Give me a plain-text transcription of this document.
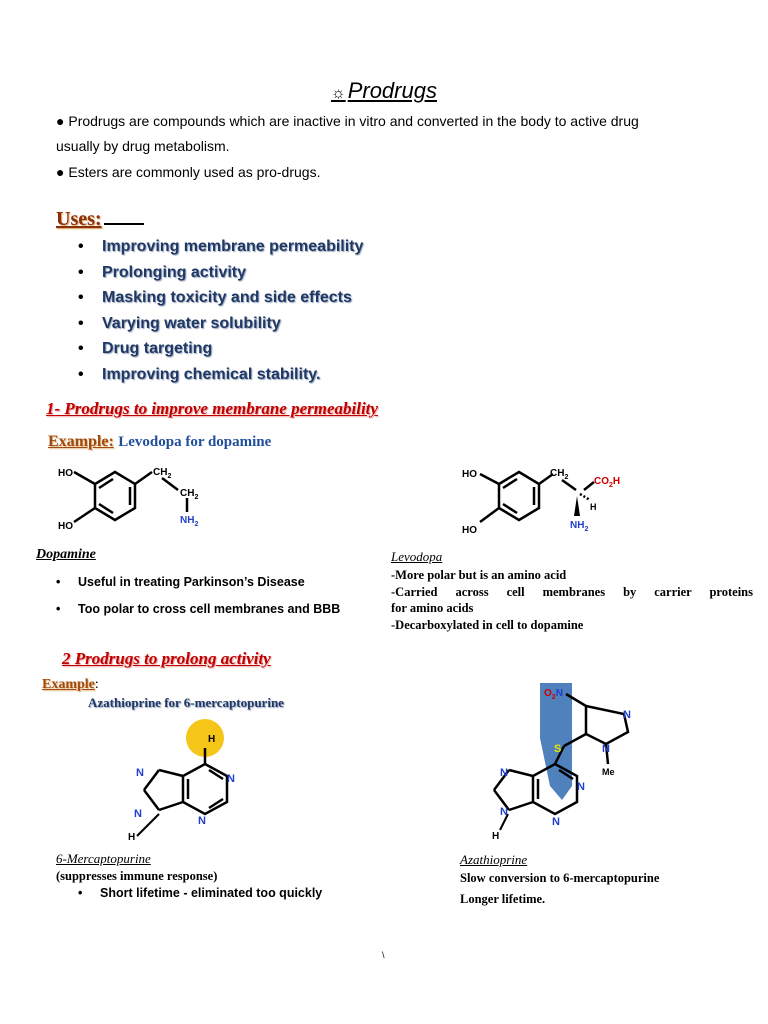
☼Prodrugs
● Prodrugs are compounds which are inactive in vitro and converted in the body to active drug
usually by drug metabolism.
● Esters are commonly used as pro-drugs.
Uses:
• Improving membrane permeability
• Prolonging activity
• Masking toxicity and side effects
• Varying water solubility
• Drug targeting
• Improving chemical stability.
1- Prodrugs to improve membrane permeability
Example: Levodopa for dopamine
HO
HO
$CH_2$
$CH_2$
$NH_2$
HO
HO
$CH_2$	$CO_2H$
H
$NH_2$
Dopamine
• Useful in treating Parkinson’s Disease
• Too polar to cross cell membranes and BBB
Levodopa
-More polar but is an amino acid
-Carried across cell membranes by carrier proteins
for amino acids
-Decarboxylated in cell to dopamine
2 Prodrugs to prolong activity
Example:
Azathioprine for 6-mercaptopurine
H
N	N
N
N
H
$O_2N$
N
N
Me
S
N
N
N
N
H
6-Mercaptopurine
(suppresses immune response)
• Short lifetime - eliminated too quickly
Azathioprine
Slow conversion to 6-mercaptopurine
Longer lifetime.
\
